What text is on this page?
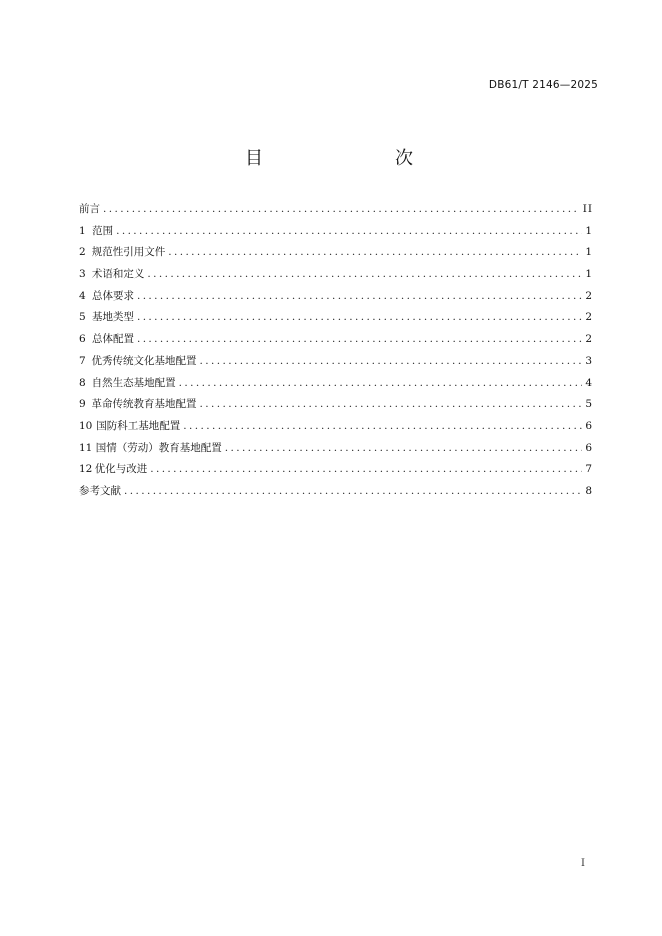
DB61/T 2146—2025
目　　次
前言 .....	II
1 范围 .....	1
2 规范性引用文件 .....	1
3 术语和定义 .....	1
4 总体要求 .....	2
5 基地类型 .....	2
6 总体配置 .....	2
7 优秀传统文化基地配置 .....	3
8 自然生态基地配置 .....	4
9 革命传统教育基地配置 .....	5
10 国防科工基地配置 .....	6
11 国情（劳动）教育基地配置 .....	6
12 优化与改进 .....	7
参考文献 .....	8
I
